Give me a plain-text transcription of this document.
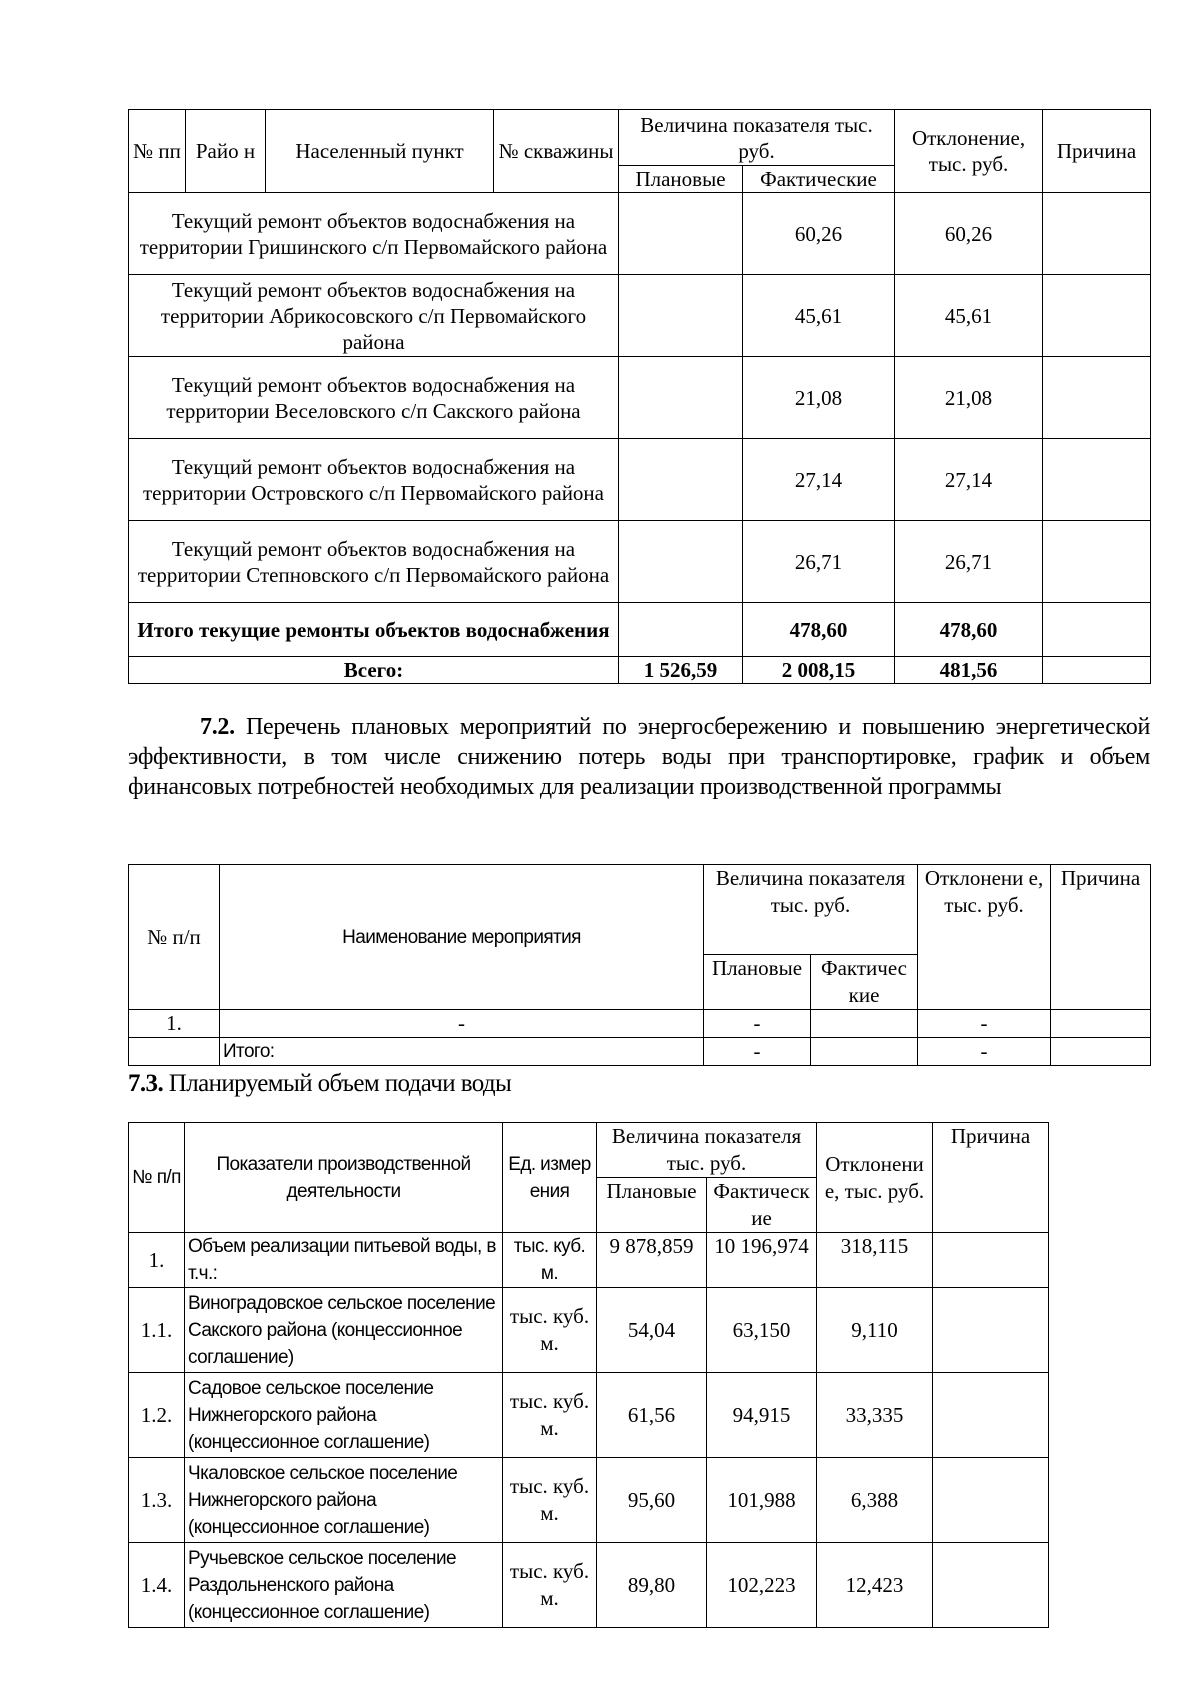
№ пп	Райо н	Населенный пункт	№ скважины	Величина показателя тыс. руб.		Отклонение, тыс. руб.	Причина
				Плановые	Фактические		
Текущий ремонт объектов водоснабжения на территории Гришинского с/п Первомайского района					60,26	60,26	
Текущий ремонт объектов водоснабжения на территории Абрикосовского с/п Первомайского района					45,61	45,61	
Текущий ремонт объектов водоснабжения на территории Веселовского с/п Сакского района					21,08	21,08	
Текущий ремонт объектов водоснабжения на территории Островского с/п Первомайского района					27,14	27,14	
Текущий ремонт объектов водоснабжения на территории Степновского с/п Первомайского района					26,71	26,71	
Итого текущие ремонты объектов водоснабжения					478,60	478,60	
Всего:				1 526,59	2 008,15	481,56	
7.2. Перечень плановых мероприятий по энергосбережению и повышению энергетической эффективности, в том числе снижению потерь воды при транспортировке, график и объем финансовых потребностей необходимых для реализации производственной программы
№ п/п	Наименование мероприятия	Величина показателя тыс. руб.		Отклонени е, тыс. руб.	Причина
		Плановые	Фактичес кие		
1.	-	-		-	
	Итого:	-		-	
7.3. Планируемый объем подачи воды
№ п/п	Показатели производственной деятельности	Ед. измер ения	Величина показателя тыс. руб.		Отклонени е, тыс. руб.	Причина
			Плановые	Фактическ ие		
1.	Объем реализации питьевой воды, в т.ч.:	тыс. куб. м.	9 878,859	10 196,974	318,115	
1.1.	Виноградовское сельское поселение Сакского района (концессионное соглашение)	тыс. куб. м.	54,04	63,150	9,110	
1.2.	Садовое сельское поселение Нижнегорского района (концессионное соглашение)	тыс. куб. м.	61,56	94,915	33,335	
1.3.	Чкаловское сельское поселение Нижнегорского района (концессионное соглашение)	тыс. куб. м.	95,60	101,988	6,388	
1.4.	Ручьевское сельское поселение Раздольненского района (концессионное соглашение)	тыс. куб. м.	89,80	102,223	12,423	
